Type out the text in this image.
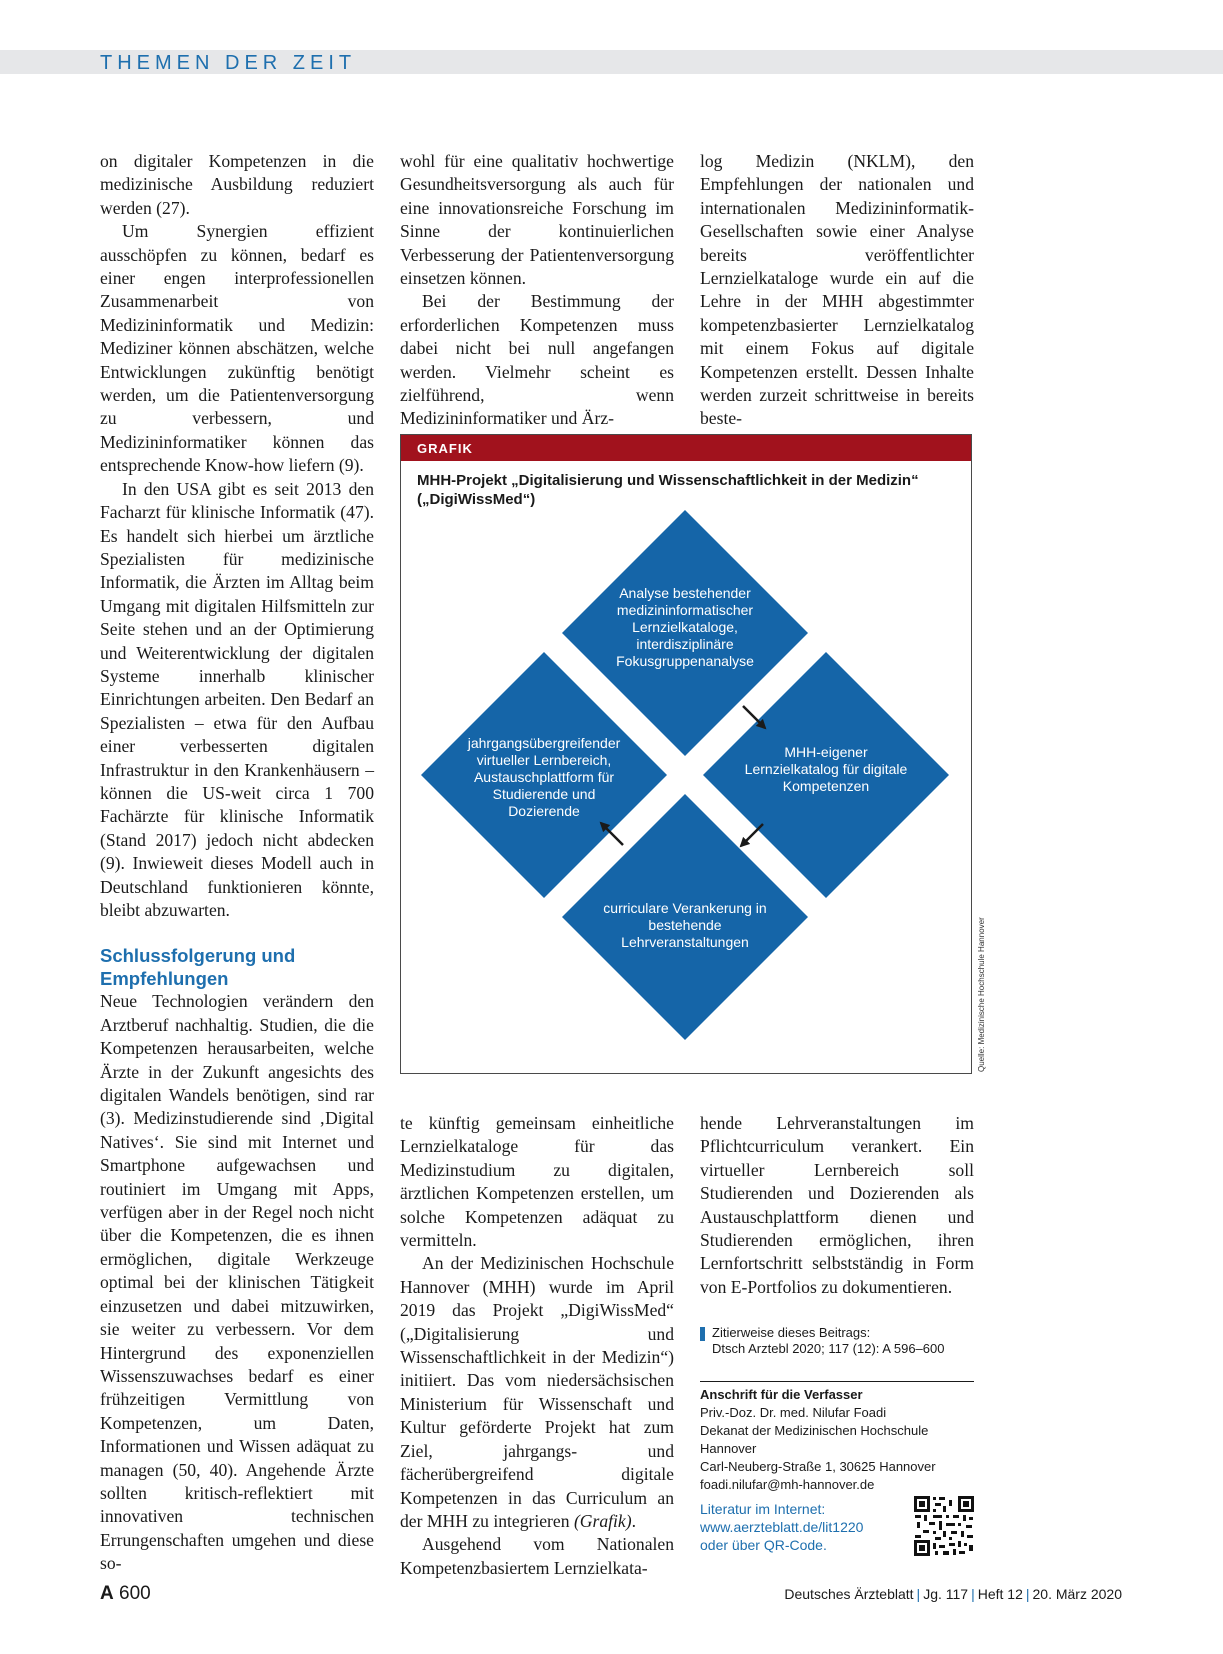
THEMEN DER ZEIT

on digitaler Kompetenzen in die medizinische Ausbildung reduziert werden (27).

Um Synergien effizient ausschöpfen zu können, bedarf es einer engen interprofessionellen Zusammenarbeit von Medizininformatik und Medizin: Mediziner können abschätzen, welche Entwicklungen zukünftig benötigt werden, um die Patientenversorgung zu verbessern, und Medizininformatiker können das entsprechende Know-how liefern (9).

In den USA gibt es seit 2013 den Facharzt für klinische Informatik (47). Es handelt sich hierbei um ärztliche Spezialisten für medizinische Informatik, die Ärzten im Alltag beim Umgang mit digitalen Hilfsmitteln zur Seite stehen und an der Optimierung und Weiterentwicklung der digitalen Systeme innerhalb klinischer Einrichtungen arbeiten. Den Bedarf an Spezialisten – etwa für den Aufbau einer verbesserten digitalen Infrastruktur in den Krankenhäusern – können die US-weit circa 1 700 Fachärzte für klinische Informatik (Stand 2017) jedoch nicht abdecken (9). Inwieweit dieses Modell auch in Deutschland funktionieren könnte, bleibt abzuwarten.

Schlussfolgerung und Empfehlungen

Neue Technologien verändern den Arztberuf nachhaltig. Studien, die die Kompetenzen herausarbeiten, welche Ärzte in der Zukunft angesichts des digitalen Wandels benötigen, sind rar (3). Medizinstudierende sind ‚Digital Natives‘. Sie sind mit Internet und Smartphone aufgewachsen und routiniert im Umgang mit Apps, verfügen aber in der Regel noch nicht über die Kompetenzen, die es ihnen ermöglichen, digitale Werkzeuge optimal bei der klinischen Tätigkeit einzusetzen und dabei mitzuwirken, sie weiter zu verbessern. Vor dem Hintergrund des exponenziellen Wissenszuwachses bedarf es einer frühzeitigen Vermittlung von Kompetenzen, um Daten, Informationen und Wissen adäquat zu managen (50, 40). Angehende Ärzte sollten kritisch-reflektiert mit innovativen technischen Errungenschaften umgehen und diese so-

wohl für eine qualitativ hochwertige Gesundheitsversorgung als auch für eine innovationsreiche Forschung im Sinne der kontinuierlichen Verbesserung der Patientenversorgung einsetzen können.

Bei der Bestimmung der erforderlichen Kompetenzen muss dabei nicht bei null angefangen werden. Vielmehr scheint es zielführend, wenn Medizininformatiker und Ärz-

log Medizin (NKLM), den Empfehlungen der nationalen und internationalen Medizininformatik-Gesellschaften sowie einer Analyse bereits veröffentlichter Lernzielkataloge wurde ein auf die Lehre in der MHH abgestimmter kompetenzbasierter Lernzielkatalog mit einem Fokus auf digitale Kompetenzen erstellt. Dessen Inhalte werden zurzeit schrittweise in bereits beste-

GRAFIK
MHH-Projekt „Digitalisierung und Wissenschaftlichkeit in der Medizin“ („DigiWissMed“)
Analyse bestehender medizininformatischer Lernzielkataloge, interdisziplinäre Fokusgruppenanalyse
MHH-eigener Lernzielkatalog für digitale Kompetenzen
curriculare Verankerung in bestehende Lehrveranstaltungen
jahrgangsübergreifender virtueller Lernbereich, Austauschplattform für Studierende und Dozierende
Quelle: Medizinische Hochschule Hannover

te künftig gemeinsam einheitliche Lernzielkataloge für das Medizinstudium zu digitalen, ärztlichen Kompetenzen erstellen, um solche Kompetenzen adäquat zu vermitteln.

An der Medizinischen Hochschule Hannover (MHH) wurde im April 2019 das Projekt „DigiWissMed“ („Digitalisierung und Wissenschaftlichkeit in der Medizin“) initiiert. Das vom niedersächsischen Ministerium für Wissenschaft und Kultur geförderte Projekt hat zum Ziel, jahrgangs- und fächerübergreifend digitale Kompetenzen in das Curriculum an der MHH zu integrieren (Grafik).

Ausgehend vom Nationalen Kompetenzbasiertem Lernzielkata-

hende Lehrveranstaltungen im Pflichtcurriculum verankert. Ein virtueller Lernbereich soll Studierenden und Dozierenden als Austauschplattform dienen und Studierenden ermöglichen, ihren Lernfortschritt selbstständig in Form von E-Portfolios zu dokumentieren.

Zitierweise dieses Beitrags:
Dtsch Arztebl 2020; 117 (12): A 596–600
Anschrift für die Verfasser
Priv.-Doz. Dr. med. Nilufar Foadi
Dekanat der Medizinischen Hochschule Hannover
Carl-Neuberg-Straße 1, 30625 Hannover
foadi.nilufar@mh-hannover.de
Literatur im Internet:
www.aerzteblatt.de/lit1220
oder über QR-Code.
A 600	Deutsches Ärzteblatt | Jg. 117 | Heft 12 | 20. März 2020
